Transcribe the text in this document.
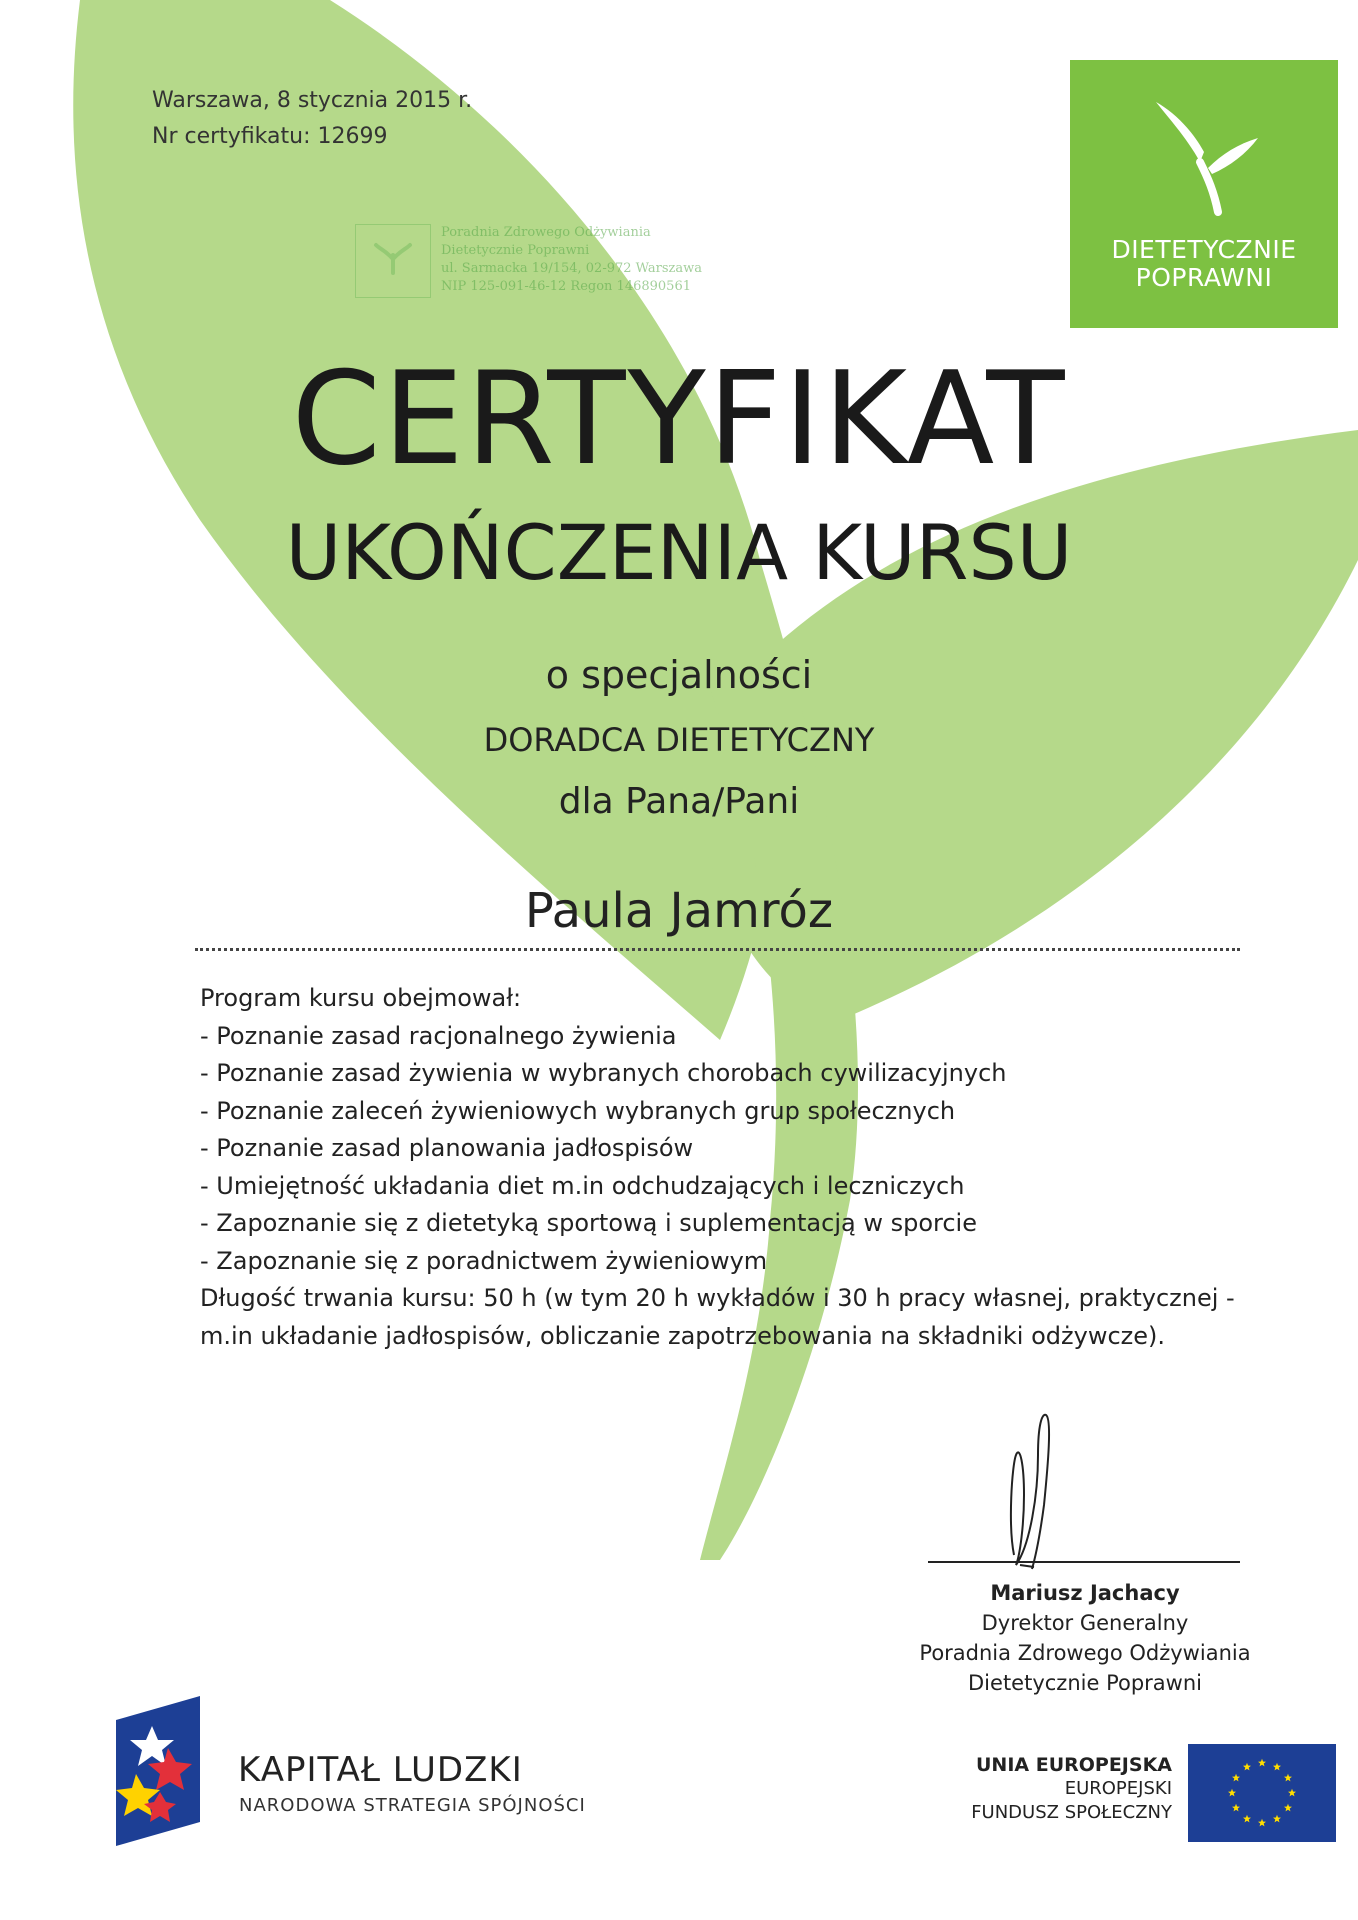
Warszawa, 8 stycznia 2015 r.
Nr certyfikatu: 12699
Poradnia Zdrowego Odżywiania
Dietetycznie Poprawni
ul. Sarmacka 19/154, 02-972 Warszawa
NIP 125-091-46-12 Regon 146890561
DIETETYCZNIE
POPRAWNI
CERTYFIKAT
UKOŃCZENIA KURSU
o specjalności
DORADCA DIETETYCZNY
dla Pana/Pani
Paula Jamróz
Program kursu obejmował:
- Poznanie zasad racjonalnego żywienia
- Poznanie zasad żywienia w wybranych chorobach cywilizacyjnych
- Poznanie zaleceń żywieniowych wybranych grup społecznych
- Poznanie zasad planowania jadłospisów
- Umiejętność układania diet m.in odchudzających i leczniczych
- Zapoznanie się z dietetyką sportową i suplementacją w sporcie
- Zapoznanie się z poradnictwem żywieniowym
Długość trwania kursu: 50 h (w tym 20 h wykładów i 30 h pracy własnej, praktycznej -
m.in układanie jadłospisów, obliczanie zapotrzebowania na składniki odżywcze).
Mariusz Jachacy
Dyrektor Generalny
Poradnia Zdrowego Odżywiania
Dietetycznie Poprawni
KAPITAŁ LUDZKI
NARODOWA STRATEGIA SPÓJNOŚCI
UNIA EUROPEJSKA
EUROPEJSKI
FUNDUSZ SPOŁECZNY
